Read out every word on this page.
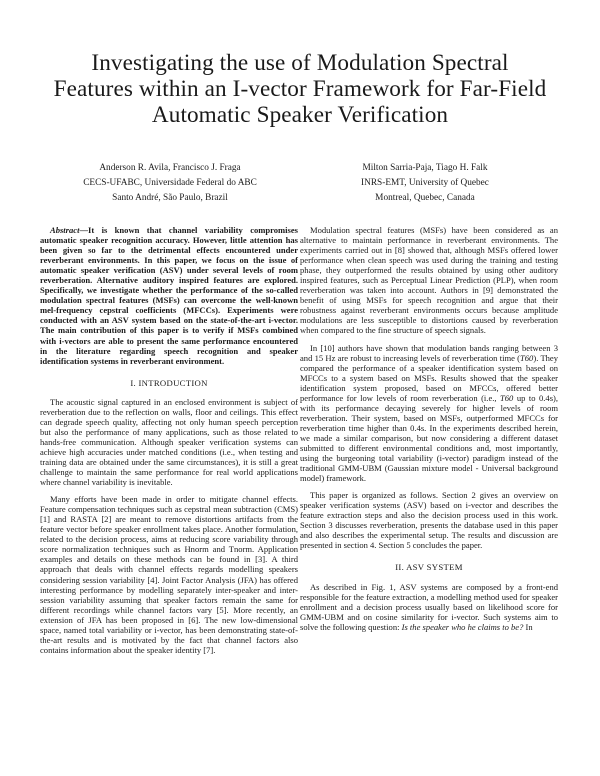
Investigating the use of Modulation Spectral
Features within an I-vector Framework for Far-Field
Automatic Speaker Verification
Anderson R. Avila, Francisco J. Fraga
CECS-UFABC, Universidade Federal do ABC
Santo André, São Paulo, Brazil
Milton Sarria-Paja, Tiago H. Falk
INRS-EMT, University of Quebec
Montreal, Quebec, Canada

Abstract—It is known that channel variability compromises automatic speaker recognition accuracy. However, little attention has been given so far to the detrimental effects encountered under reverberant environments. In this paper, we focus on the issue of automatic speaker verification (ASV) under several levels of room reverberation. Alternative auditory inspired features are explored. Specifically, we investigate whether the performance of the so-called modulation spectral features (MSFs) can overcome the well-known mel-frequency cepstral coefficients (MFCCs). Experiments were conducted with an ASV system based on the state-of-the-art i-vector. The main contribution of this paper is to verify if MSFs combined with i-vectors are able to present the same performance encountered in the literature regarding speech recognition and speaker identification systems in reverberant environment.

I. INTRODUCTION

The acoustic signal captured in an enclosed environment is subject of reverberation due to the reflection on walls, floor and ceilings. This effect can degrade speech quality, affecting not only human speech perception but also the performance of many applications, such as those related to hands-free communication. Although speaker verification systems can achieve high accuracies under matched conditions (i.e., when testing and training data are obtained under the same circumstances), it is still a great challenge to maintain the same performance for real world applications where channel variability is inevitable.

Many efforts have been made in order to mitigate channel effects. Feature compensation techniques such as cepstral mean subtraction (CMS) [1] and RASTA [2] are meant to remove distortions artifacts from the feature vector before speaker enrollment takes place. Another formulation, related to the decision process, aims at reducing score variability through score normalization techniques such as Hnorm and Tnorm. Application examples and details on these methods can be found in [3]. A third approach that deals with channel effects regards modelling speakers considering session variability [4]. Joint Factor Analysis (JFA) has offered interesting performance by modelling separately inter-speaker and inter-session variability assuming that speaker factors remain the same for different recordings while channel factors vary [5]. More recently, an extension of JFA has been proposed in [6]. The new low-dimensional space, named total variability or i-vector, has been demonstrating state-of-the-art results and is motivated by the fact that channel factors also contains information about the speaker identity [7].

Modulation spectral features (MSFs) have been considered as an alternative to maintain performance in reverberant environments. The experiments carried out in [8] showed that, although MSFs offered lower performance when clean speech was used during the training and testing phase, they outperformed the results obtained by using other auditory inspired features, such as Perceptual Linear Prediction (PLP), when room reverberation was taken into account. Authors in [9] demonstrated the benefit of using MSFs for speech recognition and argue that their robustness against reverberant environments occurs because amplitude modulations are less susceptible to distortions caused by reverberation when compared to the fine structure of speech signals.

In [10] authors have shown that modulation bands ranging between 3 and 15 Hz are robust to increasing levels of reverberation time (T60). They compared the performance of a speaker identification system based on MFCCs to a system based on MSFs. Results showed that the speaker identification system proposed, based on MFCCs, offered better performance for low levels of room reverberation (i.e., T60 up to 0.4s), with its performance decaying severely for higher levels of room reverberation. Their system, based on MSFs, outperformed MFCCs for reverberation time higher than 0.4s. In the experiments described herein, we made a similar comparison, but now considering a different dataset submitted to different environmental conditions and, most importantly, using the burgeoning total variability (i-vector) paradigm instead of the traditional GMM-UBM (Gaussian mixture model - Universal background model) framework.

This paper is organized as follows. Section 2 gives an overview on speaker verification systems (ASV) based on i-vector and describes the feature extraction steps and also the decision process used in this work. Section 3 discusses reverberation, presents the database used in this paper and also describes the experimental setup. The results and discussion are presented in section 4. Section 5 concludes the paper.

II. ASV SYSTEM

As described in Fig. 1, ASV systems are composed by a front-end responsible for the feature extraction, a modelling method used for speaker enrollment and a decision process usually based on likelihood score for GMM-UBM and on cosine similarity for i-vector. Such systems aim to solve the following question: Is the speaker who he claims to be? In
